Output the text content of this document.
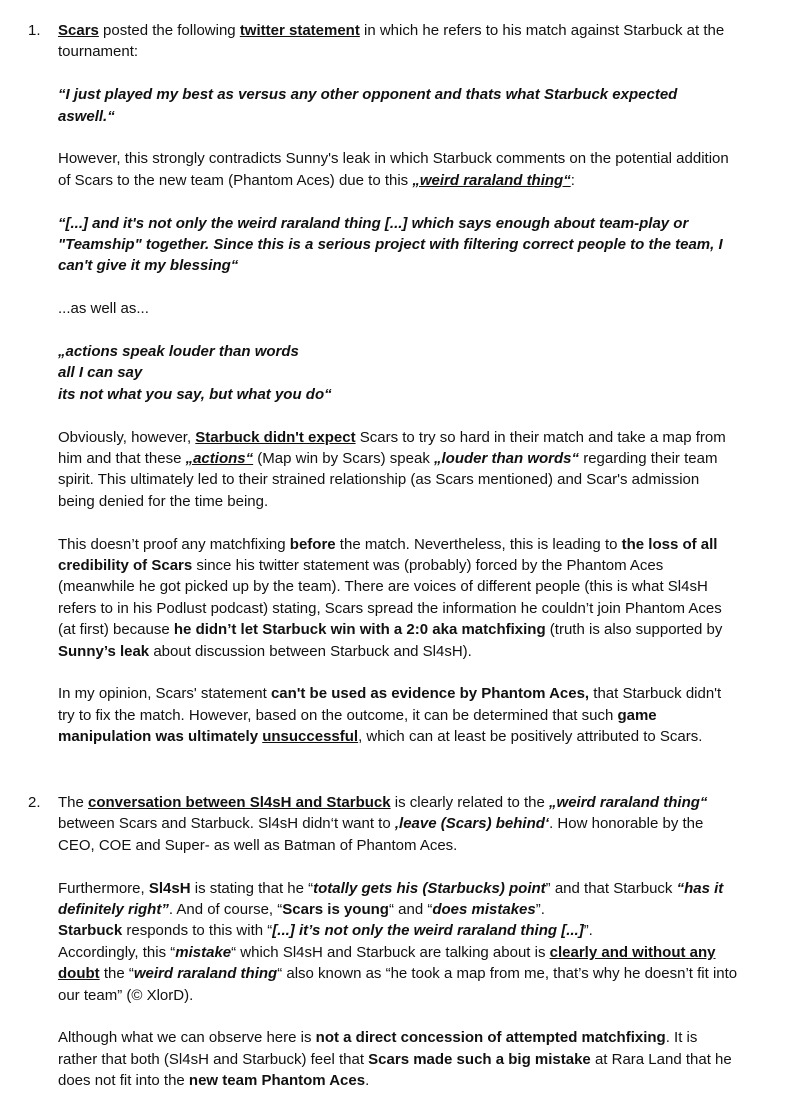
1. Scars posted the following twitter statement in which he refers to his match against Starbuck at the tournament:

“I just played my best as versus any other opponent and thats what Starbuck expected aswell.“

However, this strongly contradicts Sunny's leak in which Starbuck comments on the potential addition of Scars to the new team (Phantom Aces) due to this „weird raraland thing“:

“[...] and it's not only the weird raraland thing [...] which says enough about team-play or "Teamship" together. Since this is a serious project with filtering correct people to the team, I can't give it my blessing“

...as well as...

„actions speak louder than words
all I can say
its not what you say, but what you do“

Obviously, however, Starbuck didn't expect Scars to try so hard in their match and take a map from him and that these „actions“ (Map win by Scars) speak „louder than words“ regarding their team spirit. This ultimately led to their strained relationship (as Scars mentioned) and Scar's admission being denied for the time being.

This doesn’t proof any matchfixing before the match. Nevertheless, this is leading to the loss of all credibility of Scars since his twitter statement was (probably) forced by the Phantom Aces (meanwhile he got picked up by the team). There are voices of different people (this is what Sl4sH refers to in his Podlust podcast) stating, Scars spread the information he couldn’t join Phantom Aces (at first) because he didn’t let Starbuck win with a 2:0 aka matchfixing (truth is also supported by Sunny’s leak about discussion between Starbuck and Sl4sH).

In my opinion, Scars' statement can't be used as evidence by Phantom Aces, that Starbuck didn't try to fix the match. However, based on the outcome, it can be determined that such game manipulation was ultimately unsuccessful, which can at least be positively attributed to Scars.

2. The conversation between Sl4sH and Starbuck is clearly related to the „weird raraland thing“ between Scars and Starbuck. Sl4sH didn‘t want to ‚leave (Scars) behind‘. How honorable by the CEO, COE and Super- as well as Batman of Phantom Aces.

Furthermore, Sl4sH is stating that he “totally gets his (Starbucks) point” and that Starbuck “has it definitely right”. And of course, “Scars is young“ and “does mistakes”.
Starbuck responds to this with “[...] it’s not only the weird raraland thing [...]”.
Accordingly, this “mistake“ which Sl4sH and Starbuck are talking about is clearly and without any doubt the “weird raraland thing“ also known as “he took a map from me, that’s why he doesn’t fit into our team” (© XlorD).

Although what we can observe here is not a direct concession of attempted matchfixing. It is rather that both (Sl4sH and Starbuck) feel that Scars made such a big mistake at Rara Land that he does not fit into the new team Phantom Aces.
